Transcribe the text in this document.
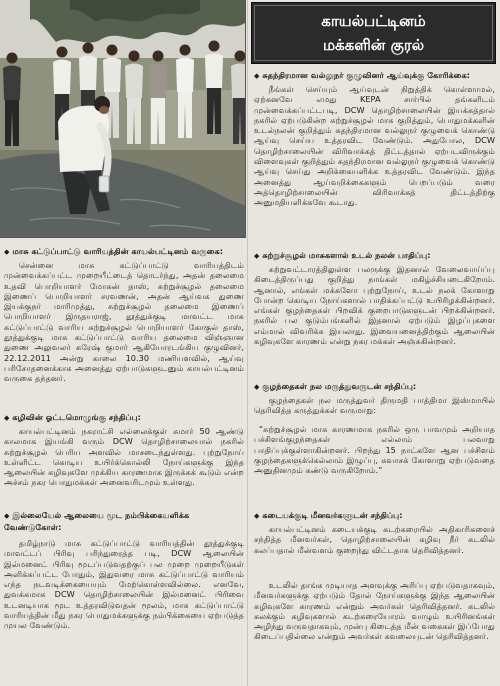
◆ மாசு கட்டுப்பாட்டு வாரியத்தின் காயல்பட்டினம் வருகை:

சென்னை மாசு கட்டுப்பாட்டு வாரியத்திடம் முன்வைக்கப்பட்ட முறையீட்டைத் தொடர்ந்து, அதன் தலைமை உதவி பொறியாளர் மோகன் தாஸ், சுற்றுச்சூழல் தலைமை இணைப் பொறியாளர் சரவணன், அதன் ஆய்வக துணை இயக்குநர் மாரிமுத்து, சுற்றுச்சூழல் தலைமை இணைப் பொறியாளர் இருதயராஜ், தூத்துக்குடி மாவட்ட மாசு கட்டுப்பாட்டு வாரிய சுற்றுச்சூழல் பொறியாளர் கோகுல் தாஸ், தூத்துக்குடி மாசு கட்டுப்பாட்டு வாரிய தலைமை விஞ்ஞான துணை அலுவலர் சுரேஷ் குமார் ஆகியோரடங்கிய குழுவினர், 22.12.2011 அன்று காலை 10.30 மணியளவில், ஆய்வு பரிசோதனைக்காக அனைத்து ஏற்பாடுகளுடனும் காயல்பட்டினம் வருகை தந்தனர்.

◆ கழிவின் ஓட்டமொழுங்கு சந்திப்பு:

காயல்பட்டினம் நகராட்சி எல்லைக்குள் சுமார் 50 ஆண்டு காலமாக இயங்கி வரும் DCW தொழிற்சாலையால் நகரில் சுற்றுச்சூழல் பெரிய அளவில் மாசடைந்துள்ளது. புற்றுநோய் உள்ளிட்ட கொடிய உயிர்க்கொல்லி நோய்களுக்கு இந்த ஆலையின் கழிவுகளே முக்கிய காரணமாக இருக்கக் கூடும் என்ற அச்சம் நகர பொதுமக்கள் அனைவரிடமும் உள்ளது.

◆ இல்லையேல் ஆலையை மூட நம்பிக்கையளிக்க வேண்டுகோள்:

தமிழ்நாடு மாசு கட்டுப்பாட்டு வாரியத்தின் தூத்துக்குடி மாவட்டப் பிரிவு பரிந்துரைத்த படி, DCW ஆலையின் இல்மனைட் பிரிவு மூடப்படுவதற்குப் பல முறை முறையீடுகள் அளிக்கப்பட்ட போதும், இதுவரை மாசு கட்டுப்பாட்டு வாரியம் எந்த நடவடிக்கையையும் மேற்கொள்ளவில்லை. எனவே, துவக்கமாக DCW தொழிற்சாலையின் இல்மனைட் பிரிவை உடனடியாக மூட உத்தரவிடுவதன் மூலம், மாசு கட்டுப்பாட்டு வாரியத்தின் மீது நகர பொதுமக்களுக்கு நம்பிக்கையை ஏற்படுத்த முயல வேண்டும்.

காயல்பட்டினம்
மக்களின் குரல்

◆ சுதந்திரமான வல்லுநர் குழுவினர் ஆய்வுக்கு கோரிக்கை:

நீங்கள் செய்யும் ஆய்வுடன் நிறுத்திக் கொள்ளாமல், ஏற்கனவே எமது KEPA சார்பில் தங்களிடம் முன்வைக்கப்பட்டபடி, DCW தொழிற்சாலையின் இயக்கத்தால் நகரில் ஏற்படுகின்ற சுற்றுச்சூழல் மாசு குறித்தும், பொதுமக்களின் உடல்நலன் குறித்தும் சுதந்திரமான வல்லுநர் குழுவைக் கொண்டு ஆய்வு செய்ய உத்தரவிட வேண்டும். அதுபோல, DCW தொழிற்சாலையின் விரிவாக்கத் திட்டத்தால் ஏற்படவிருக்கும் விளைவுகள் குறித்தும் சுதந்திரமான வல்லுநர் குழுவைக் கொண்டு ஆய்வு செய்து அறிக்கையளிக்க உத்தரவிட வேண்டும். இந்த அனைத்து ஆய்வறிக்கைகளும் பெறப்படும் வரை அத்தொழிற்சாலையின் விரிவாக்கத் திட்டத்திற்கு அனுமதியளிக்கவே கூடாது.

◆ சுற்றுச்சூழல் மாசுகளால் உடல் நலன் பாதிப்பு:

சுற்றுவட்டாரத்திலுள்ள பலருக்கு இதனால் வேலைவாய்ப்பு கிடைத்திருப்பது குறித்து நாங்கள் மகிழ்ச்சியடைகிறோம். ஆனால், எங்கள் மக்களோ புற்றுநோய், உடல் நலக் கோளாறு போன்ற கொடிய நோய்களால் பாதிக்கப்பட்டு உயிரிழக்கின்றனர். எங்கள் குழந்தைகள் பிறவிக் குறைபாடுகளுடன் பிறக்கின்றனர். நகரில் பல குடும்பங்களில் இதனால் ஏற்படும் இழப்புகளை எம்மால் விவரிக்க இயலாது. இவையனைத்திற்கும் ஆலையின் கழிவுகளே காரணம் என்று நகர மக்கள் அஞ்சுகின்றனர்.

◆ குழந்தைகள் நல மருத்துவருடன் சந்திப்பு:

குழந்தைகள் நல மருத்துவர் திருமதி பாத்திமா இஸ்மாயில் தெரிவித்த கருத்துக்கள் வருமாறு:

“சுற்றுச்சூழல் மாசு காரணமாக நகரில் ஒரு பாவமும் அறியாத பச்சிளங்குழந்தைகள் எல்லாம் பலவாறு பாதிப்புக்குள்ளாகின்றனர். பிறந்து 15 நாட்களே ஆன பச்சிளம் குழந்தைகளுக்கெல்லாம் இழுப்பு, சுவாசக் கோளாறு ஏற்படுவதை அனுதினமும் கண்டு வருகிறோம்.”

◆ கடையக்குடி மீனவர்களுடன் சந்திப்பு:

காயல்பட்டினம் கடையக்குடி கடற்கரையில் அதிகாரிகளைச் சந்தித்த மீனவர்கள், தொழிற்சாலையின் கழிவு நீர் கடலில் கலப்பதால் மீன்வளம் குறைந்து விட்டதாக தெரிவித்தனர்.

உடலில் தாங்க முடியாத அளவுக்கு அரிப்பு ஏற்படுவதாகவும், மீனவர்களுக்கு ஏற்படும் தோல் நோய்களுக்கு இந்த ஆலையின் கழிவுகளே காரணம் என்றும் அவர்கள் தெரிவித்தனர். கடலில் கலக்கும் கழிவுகளால் கடற்கரையோரம் வாழும் உயிரினங்கள் அழிந்து வருவதாகவும், முன்பு கிடைத்த மீன் வகைகள் இப்போது கிடைப்பதில்லை என்றும் அவர்கள் கவலையுடன் தெரிவித்தனர்.
